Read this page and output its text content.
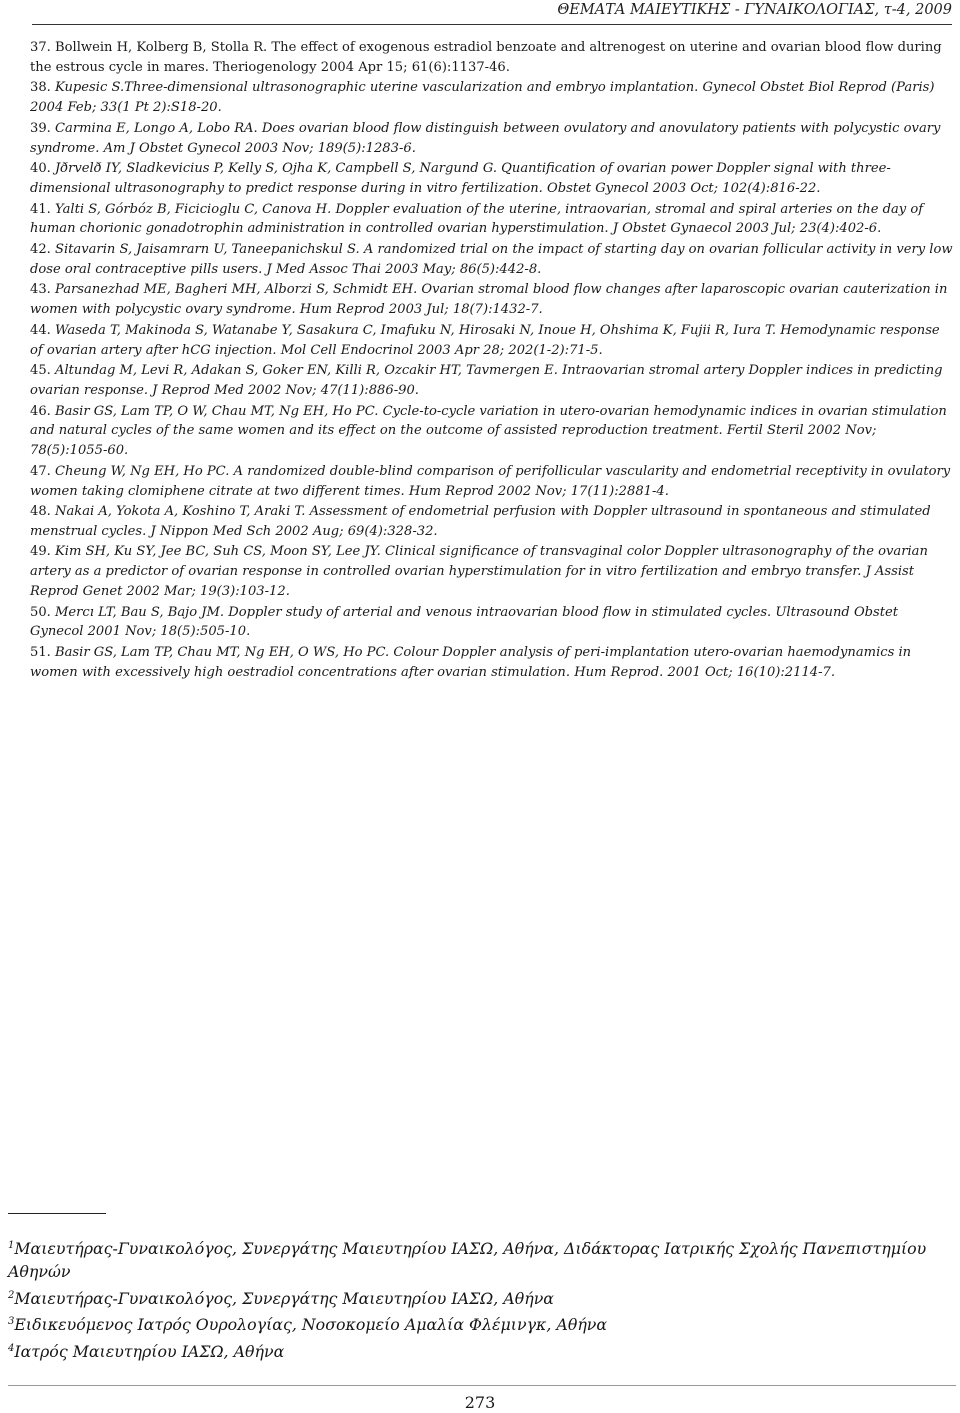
ΘΕΜΑΤΑ ΜΑΙΕΥΤΙΚΗΣ - ΓΥΝΑΙΚΟΛΟΓΙΑΣ, τ-4, 2009
37. Bollwein H, Kolberg B, Stolla R. The effect of exogenous estradiol benzoate and altrenogest on uterine and ovarian blood flow during the estrous cycle in mares. Theriogenology 2004 Apr 15; 61(6):1137-46.
38. Kupesic S.Three-dimensional ultrasonographic uterine vascularization and embryo implantation. Gynecol Obstet Biol Reprod (Paris) 2004 Feb; 33(1 Pt 2):S18-20.
39. Carmina E, Longo A, Lobo RA. Does ovarian blood flow distinguish between ovulatory and anovulatory patients with polycystic ovary syndrome. Am J Obstet Gynecol 2003 Nov; 189(5):1283-6.
40. Jðrvelð IY, Sladkevicius P, Kelly S, Ojha K, Campbell S, Nargund G. Quantification of ovarian power Doppler signal with three-dimensional ultrasonography to predict response during in vitro fertilization. Obstet Gynecol 2003 Oct; 102(4):816-22.
41. Yalti S, Górbóz B, Ficicioglu C, Canova H. Doppler evaluation of the uterine, intraovarian, stromal and spiral arteries on the day of human chorionic gonadotrophin administration in controlled ovarian hyperstimulation. J Obstet Gynaecol 2003 Jul; 23(4):402-6.
42. Sitavarin S, Jaisamrarn U, Taneepanichskul S. A randomized trial on the impact of starting day on ovarian follicular activity in very low dose oral contraceptive pills users. J Med Assoc Thai 2003 May; 86(5):442-8.
43. Parsanezhad ME, Bagheri MH, Alborzi S, Schmidt EH. Ovarian stromal blood flow changes after laparoscopic ovarian cauterization in women with polycystic ovary syndrome. Hum Reprod 2003 Jul; 18(7):1432-7.
44. Waseda T, Makinoda S, Watanabe Y, Sasakura C, Imafuku N, Hirosaki N, Inoue H, Ohshima K, Fujii R, Iura T. Hemodynamic response of ovarian artery after hCG injection. Mol Cell Endocrinol 2003 Apr 28; 202(1-2):71-5.
45. Altundag M, Levi R, Adakan S, Goker EN, Killi R, Ozcakir HT, Tavmergen E. Intraovarian stromal artery Doppler indices in predicting ovarian response. J Reprod Med 2002 Nov; 47(11):886-90.
46. Basir GS, Lam TP, O W, Chau MT, Ng EH, Ho PC. Cycle-to-cycle variation in utero-ovarian hemodynamic indices in ovarian stimulation and natural cycles of the same women and its effect on the outcome of assisted reproduction treatment. Fertil Steril 2002 Nov; 78(5):1055-60.
47. Cheung W, Ng EH, Ho PC. A randomized double-blind comparison of perifollicular vascularity and endometrial receptivity in ovulatory women taking clomiphene citrate at two different times. Hum Reprod 2002 Nov; 17(11):2881-4.
48. Nakai A, Yokota A, Koshino T, Araki T. Assessment of endometrial perfusion with Doppler ultrasound in spontaneous and stimulated menstrual cycles. J Nippon Med Sch 2002 Aug; 69(4):328-32.
49. Kim SH, Ku SY, Jee BC, Suh CS, Moon SY, Lee JY. Clinical significance of transvaginal color Doppler ultrasonography of the ovarian artery as a predictor of ovarian response in controlled ovarian hyperstimulation for in vitro fertilization and embryo transfer. J Assist Reprod Genet 2002 Mar; 19(3):103-12.
50. Mercı LT, Bau S, Bajo JM. Doppler study of arterial and venous intraovarian blood flow in stimulated cycles. Ultrasound Obstet Gynecol 2001 Nov; 18(5):505-10.
51. Basir GS, Lam TP, Chau MT, Ng EH, O WS, Ho PC. Colour Doppler analysis of peri-implantation utero-ovarian haemodynamics in women with excessively high oestradiol concentrations after ovarian stimulation. Hum Reprod. 2001 Oct; 16(10):2114-7.
$^1$Μαιευτήρας-Γυναικολόγος, Συνεργάτης Μαιευτηρίου ΙΑΣΩ, Αθήνα, Διδάκτορας Ιατρικής Σχολής Πανεπιστημίου Αθηνών
$^2$Μαιευτήρας-Γυναικολόγος, Συνεργάτης Μαιευτηρίου ΙΑΣΩ, Αθήνα
$^3$Ειδικευόμενος Ιατρός Ουρολογίας, Νοσοκομείο Αμαλία Φλέμινγκ, Αθήνα
$^4$Ιατρός Μαιευτηρίου ΙΑΣΩ, Αθήνα
273
